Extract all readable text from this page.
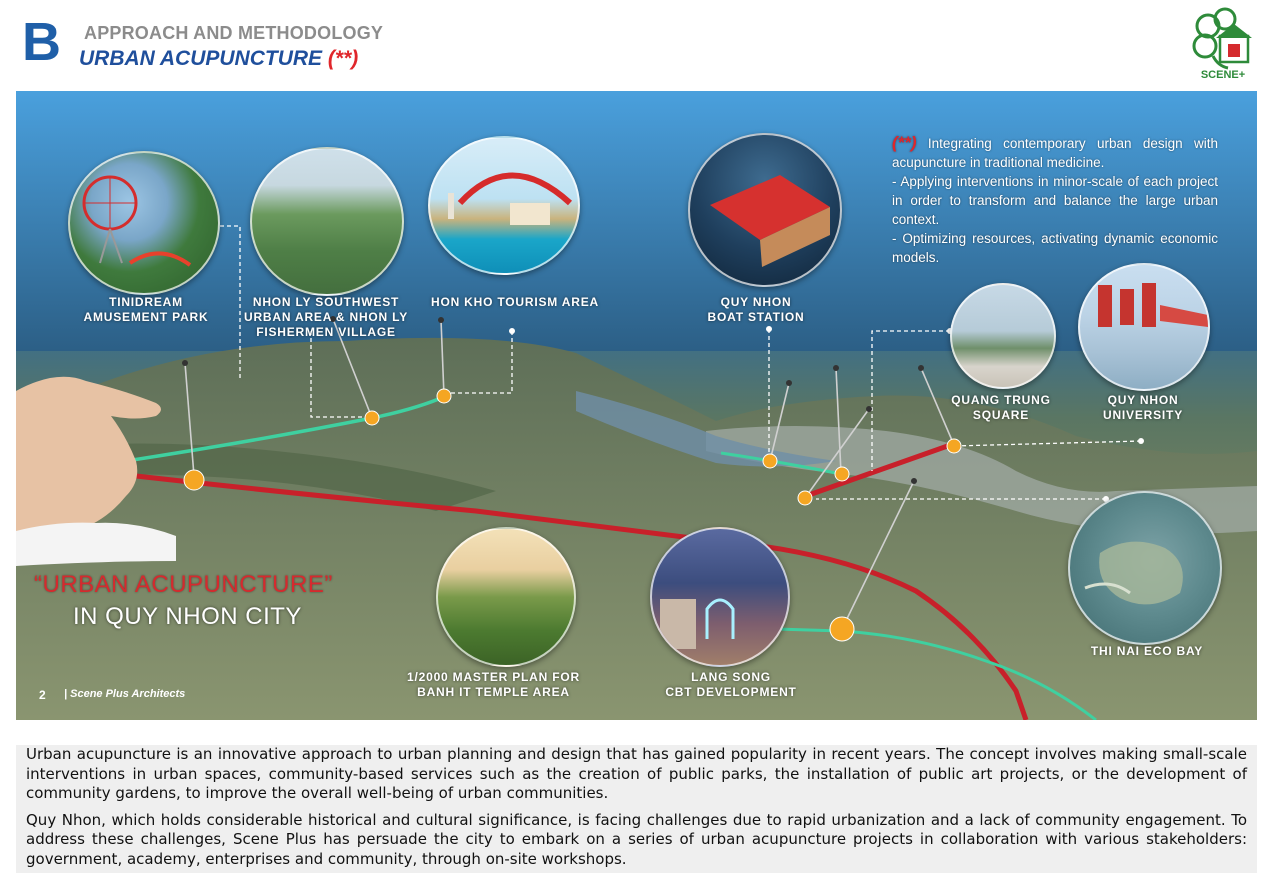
B APPROACH AND METHODOLOGY
URBAN ACUPUNCTURE (**)
SCENE+
TINIDREAM
AMUSEMENT PARK
NHON LY SOUTHWEST
URBAN AREA & NHON LY
FISHERMEN VILLAGE
HON KHO TOURISM AREA	QUY NHON
BOAT STATION
QUANG TRUNG
SQUARE
QUY NHON
UNIVERSITY
THI NAI ECO BAY
1/2000 MASTER PLAN FOR
BANH IT TEMPLE AREA
LANG SONG
CBT DEVELOPMENT
(**) Integrating contemporary urban design with acupuncture in traditional medicine.
- Applying interventions in minor-scale of each project in order to transform and balance the large urban context.
- Optimizing resources, activating dynamic economic models.
“URBAN ACUPUNCTURE”
IN QUY NHON CITY
2 | Scene Plus Architects

Urban acupuncture is an innovative approach to urban planning and design that has gained popularity in recent years. The concept involves making small-scale interventions in urban spaces, community-based services such as the creation of public parks, the installation of public art projects, or the development of community gardens, to improve the overall well-being of urban communities.

Quy Nhon, which holds considerable historical and cultural significance, is facing challenges due to rapid urbanization and a lack of community engagement. To address these challenges, Scene Plus has persuade the city to embark on a series of urban acupuncture projects in collaboration with various stakeholders: government, academy, enterprises and community, through on-site workshops.
